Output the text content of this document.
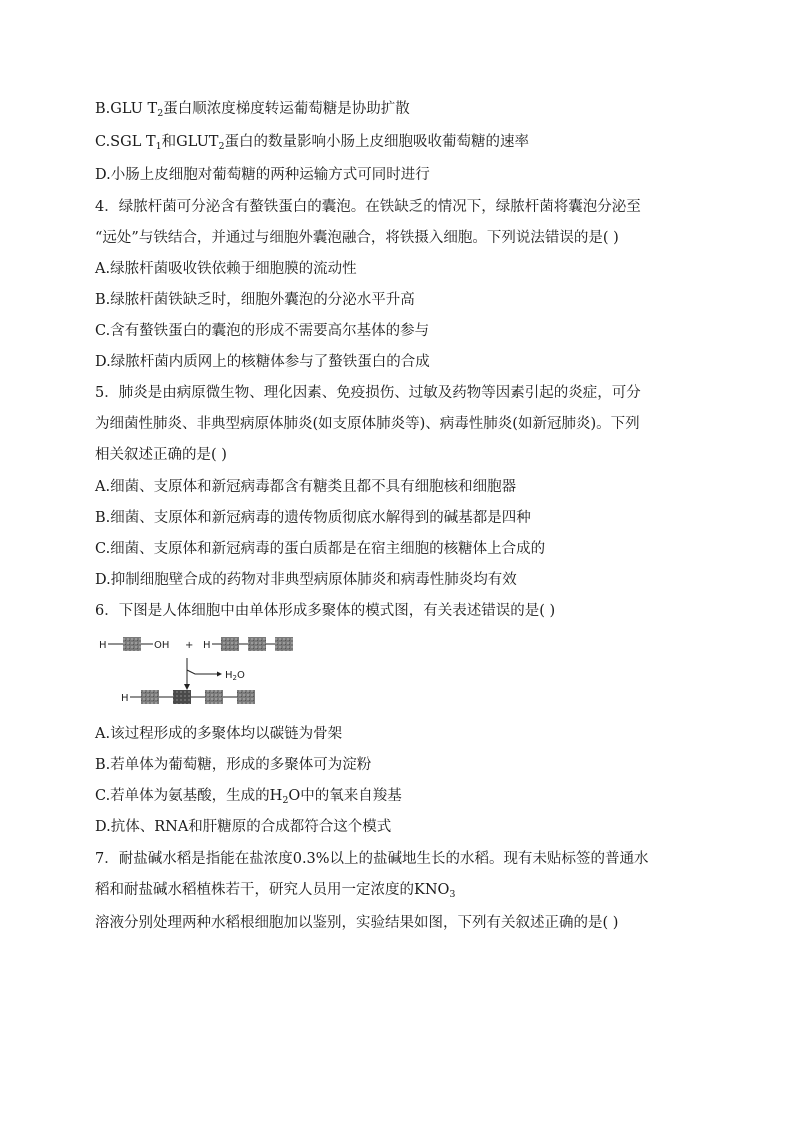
B.GLU $T_2$蛋白顺浓度梯度转运葡萄糖是协助扩散
C.SGL $T_1$和$GLUT_2$蛋白的数量影响小肠上皮细胞吸收葡萄糖的速率
D.小肠上皮细胞对葡萄糖的两种运输方式可同时进行
4．绿脓杆菌可分泌含有螯铁蛋白的囊泡。在铁缺乏的情况下，绿脓杆菌将囊泡分泌至
“远处”与铁结合，并通过与细胞外囊泡融合，将铁摄入细胞。下列说法错误的是( )
A.绿脓杆菌吸收铁依赖于细胞膜的流动性
B.绿脓杆菌铁缺乏时，细胞外囊泡的分泌水平升高
C.含有螯铁蛋白的囊泡的形成不需要高尔基体的参与
D.绿脓杆菌内质网上的核糖体参与了螯铁蛋白的合成
5．肺炎是由病原微生物、理化因素、免疫损伤、过敏及药物等因素引起的炎症，可分
为细菌性肺炎、非典型病原体肺炎(如支原体肺炎等)、病毒性肺炎(如新冠肺炎)。下列
相关叙述正确的是( )
A.细菌、支原体和新冠病毒都含有糖类且都不具有细胞核和细胞器
B.细菌、支原体和新冠病毒的遗传物质彻底水解得到的碱基都是四种
C.细菌、支原体和新冠病毒的蛋白质都是在宿主细胞的核糖体上合成的
D.抑制细胞壁合成的药物对非典型病原体肺炎和病毒性肺炎均有效
6．下图是人体细胞中由单体形成多聚体的模式图，有关表述错误的是( )
H	OH + H
$H_2O$
H
A.该过程形成的多聚体均以碳链为骨架
B.若单体为葡萄糖，形成的多聚体可为淀粉
C.若单体为氨基酸，生成的$H_2O$中的氧来自羧基
D.抗体、RNA和肝糖原的合成都符合这个模式
7．耐盐碱水稻是指能在盐浓度0.3%以上的盐碱地生长的水稻。现有未贴标签的普通水
稻和耐盐碱水稻植株若干，研究人员用一定浓度的$KNO_3$
溶液分别处理两种水稻根细胞加以鉴别，实验结果如图，下列有关叙述正确的是( )
